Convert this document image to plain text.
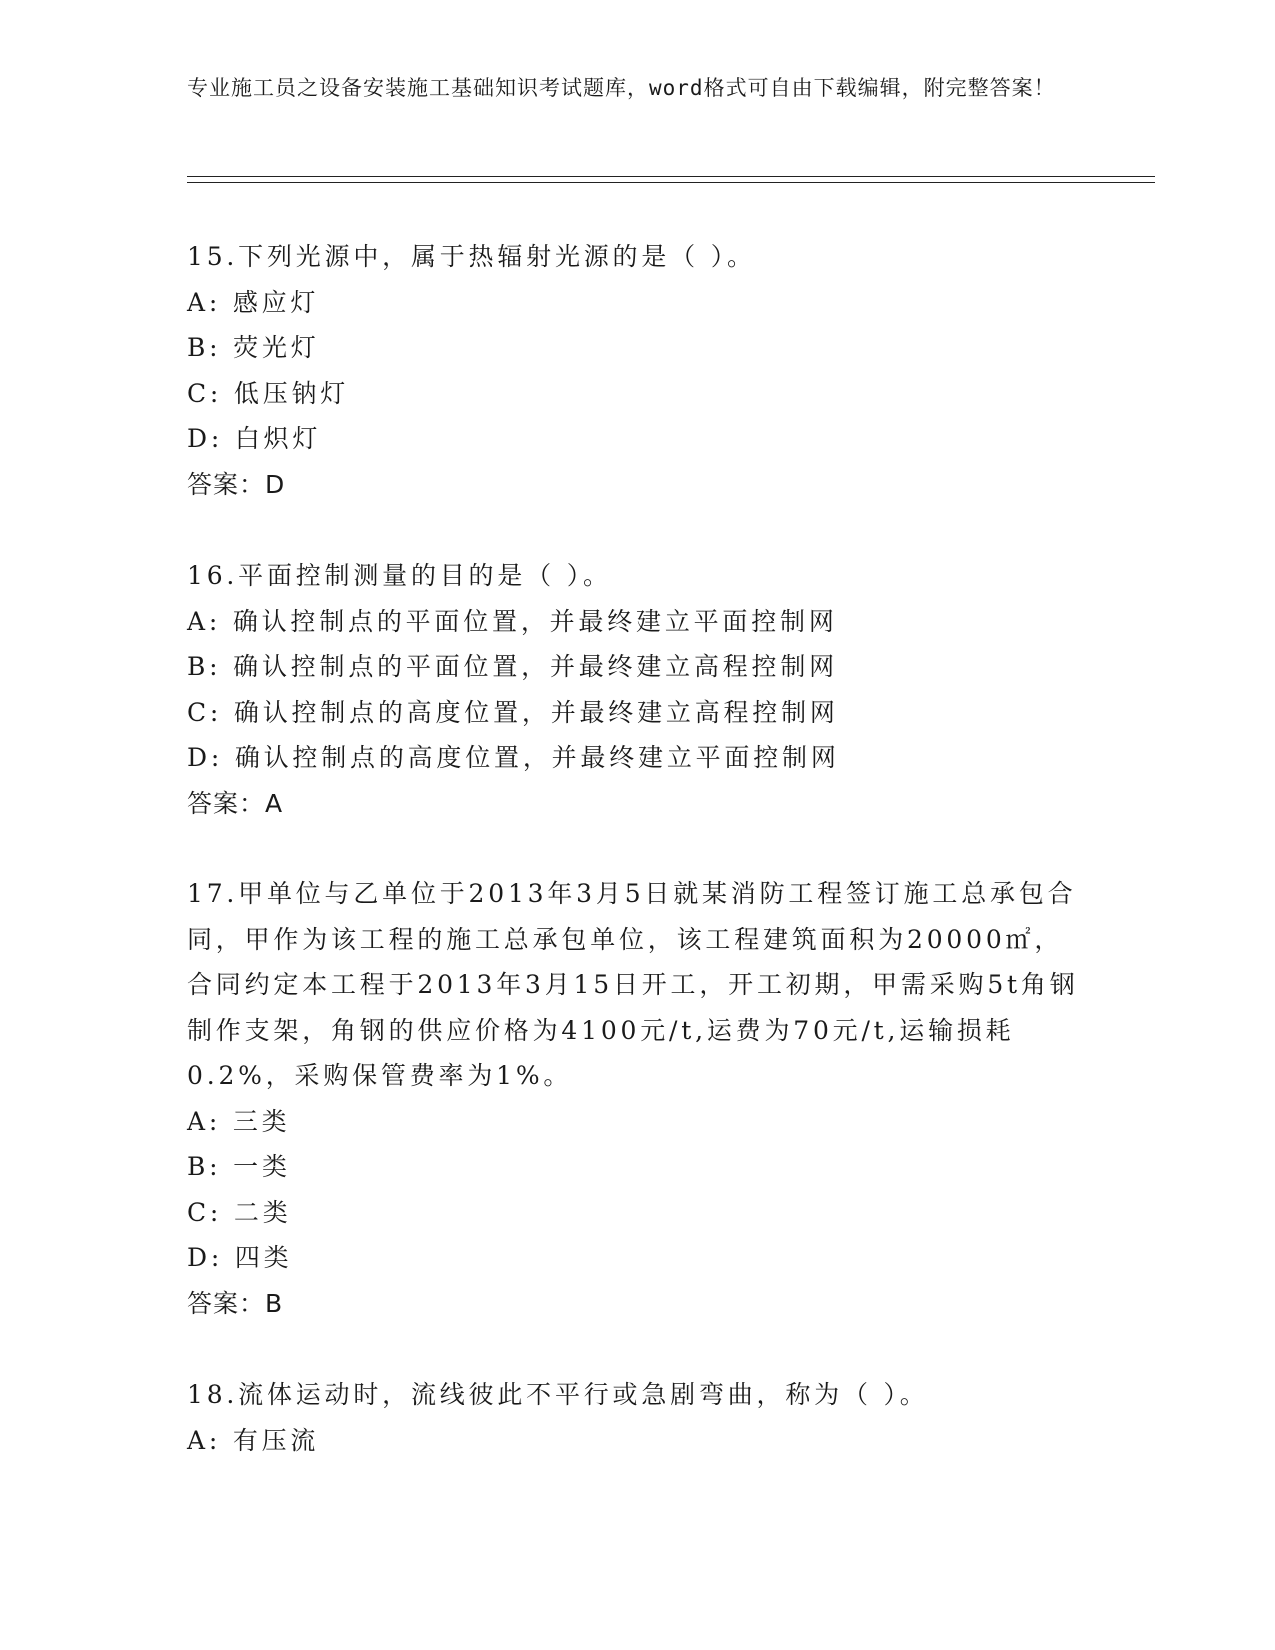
专业施工员之设备安装施工基础知识考试题库，word格式可自由下载编辑，附完整答案！

15.下列光源中，属于热辐射光源的是（ ）。

A: 感应灯

B: 荧光灯

C: 低压钠灯

D: 白炽灯

答案：D

16.平面控制测量的目的是（ ）。

A: 确认控制点的平面位置，并最终建立平面控制网

B: 确认控制点的平面位置，并最终建立高程控制网

C: 确认控制点的高度位置，并最终建立高程控制网

D: 确认控制点的高度位置，并最终建立平面控制网

答案：A

17.甲单位与乙单位于2013年3月5日就某消防工程签订施工总承包合同，甲作为该工程的施工总承包单位，该工程建筑面积为20000㎡，合同约定本工程于2013年3月15日开工，开工初期，甲需采购5t角钢制作支架，角钢的供应价格为4100元/t,运费为70元/t,运输损耗0.2%，采购保管费率为1%。

A: 三类

B: 一类

C: 二类

D: 四类

答案：B

18.流体运动时，流线彼此不平行或急剧弯曲，称为（ ）。

A: 有压流
